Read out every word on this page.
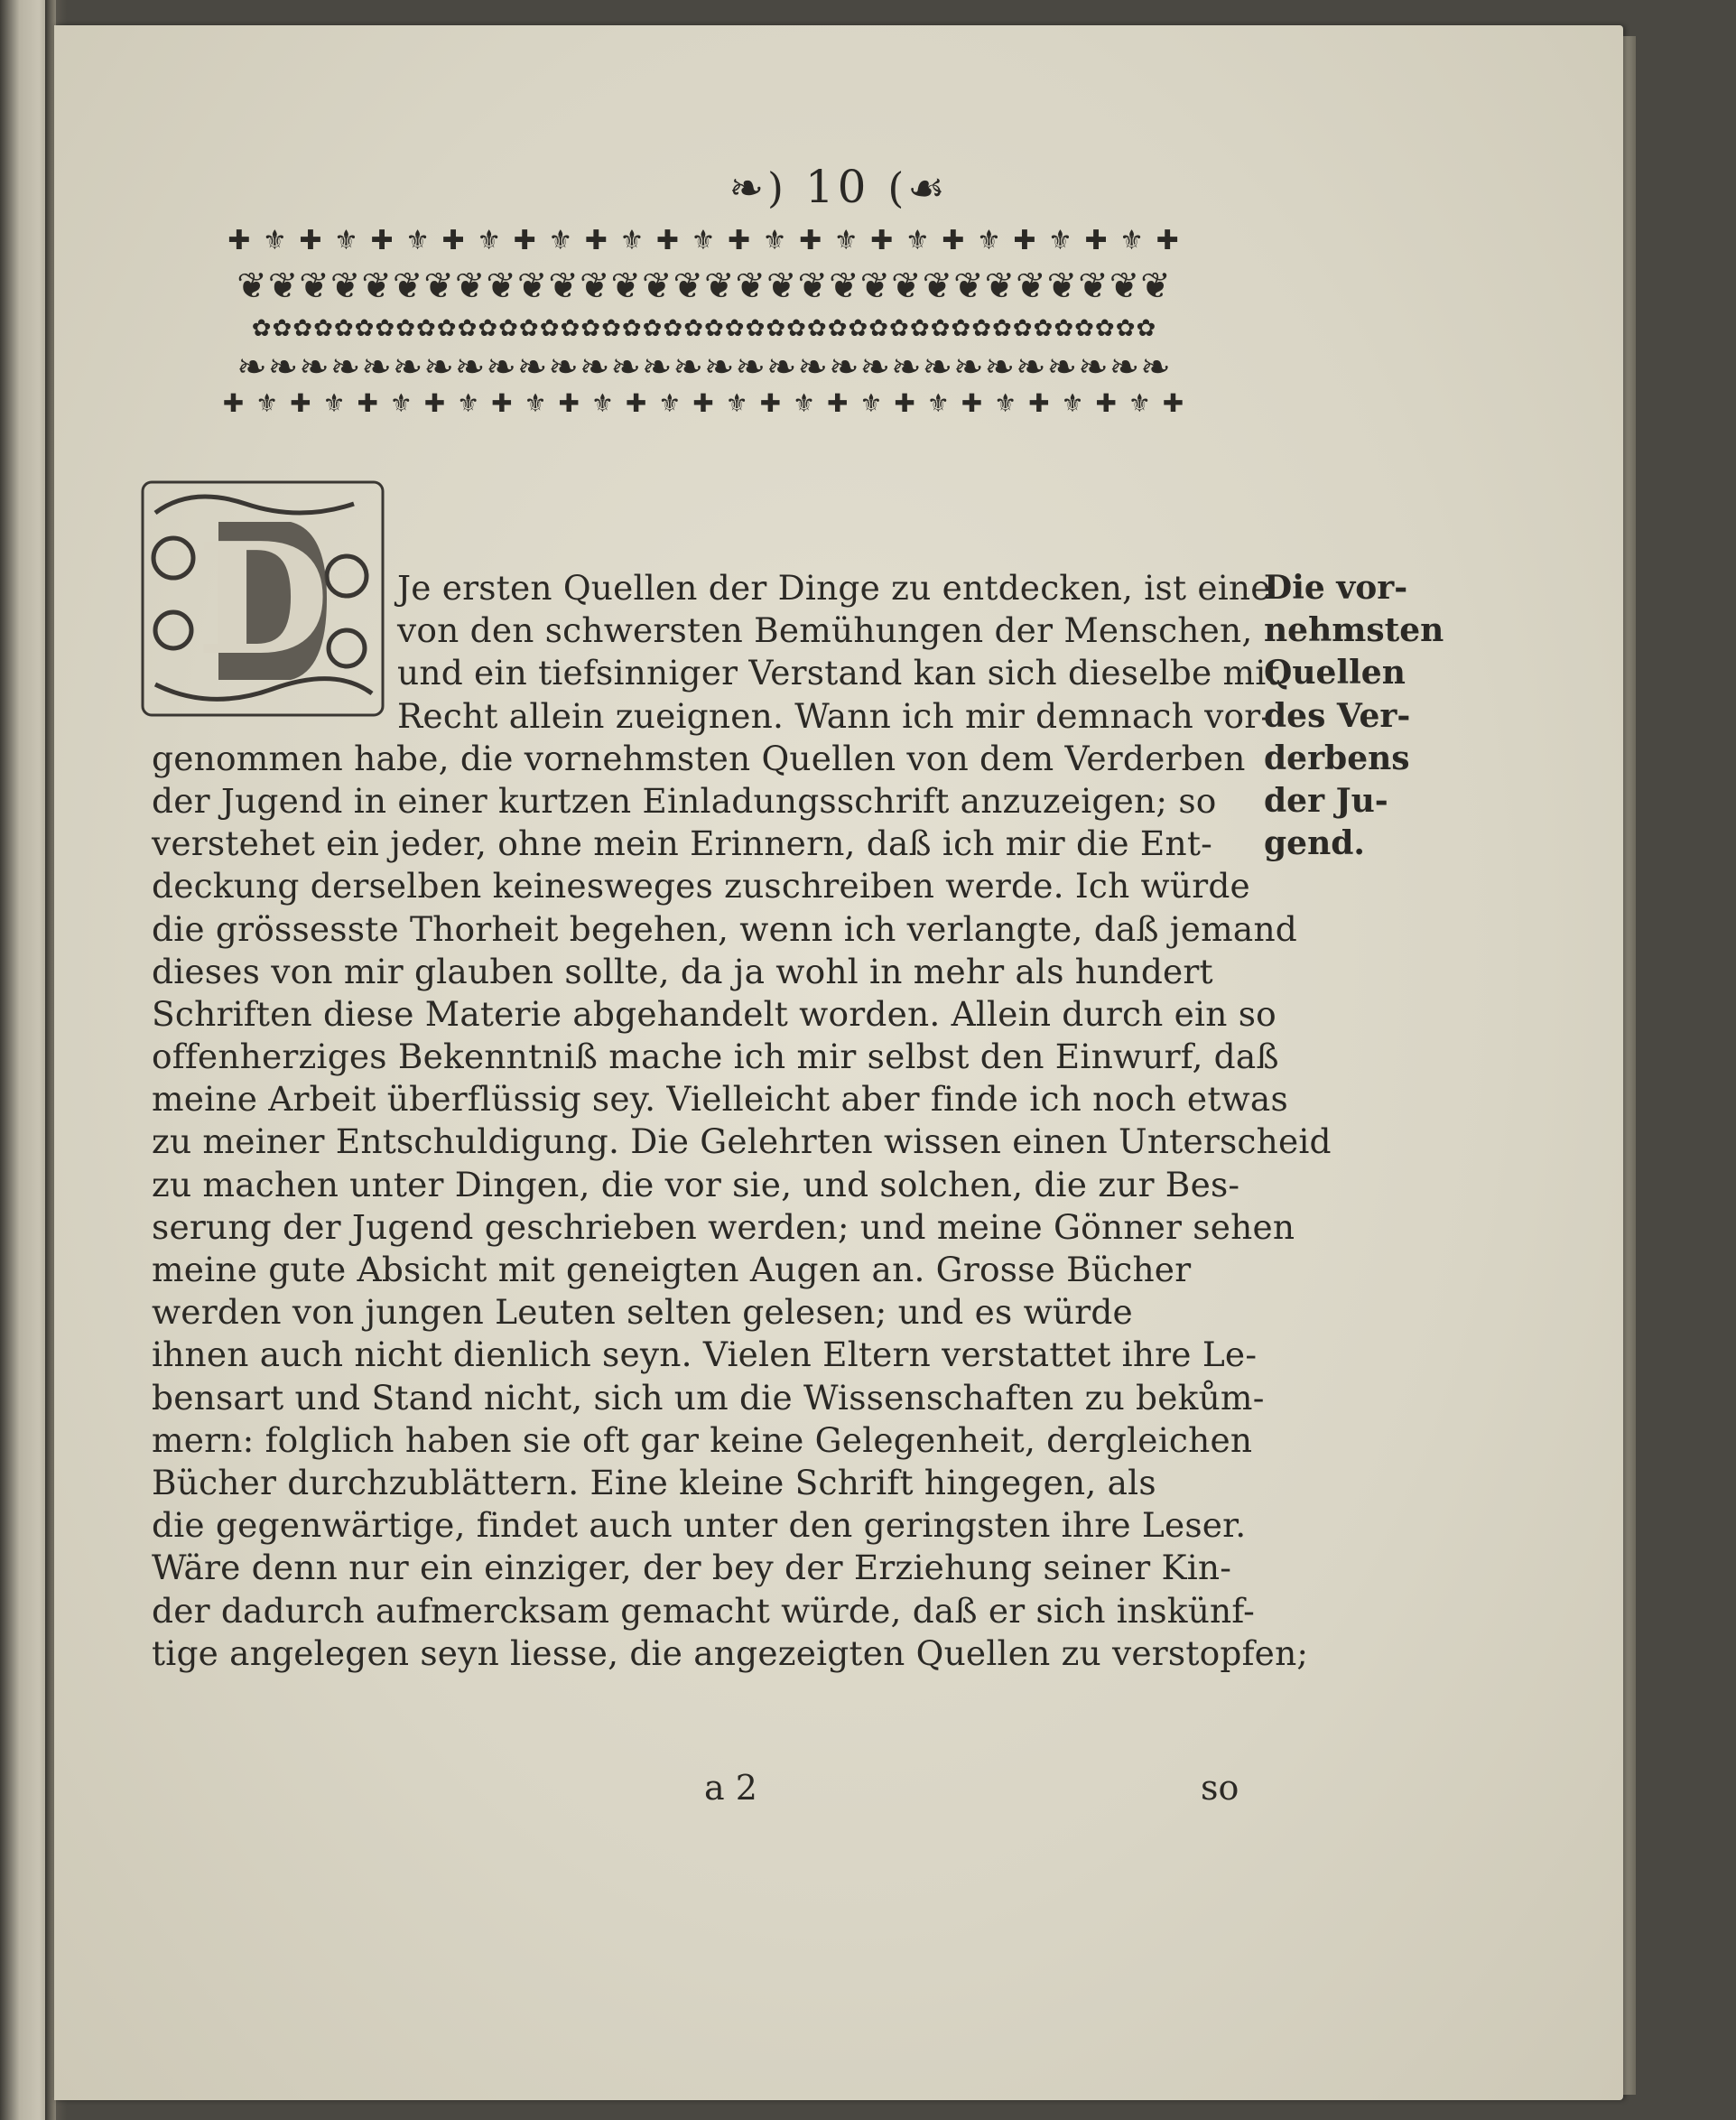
❧) 10 (☙
✚ ⚜ ✚ ⚜ ✚ ⚜ ✚ ⚜ ✚ ⚜ ✚ ⚜ ✚ ⚜ ✚ ⚜ ✚ ⚜ ✚ ⚜ ✚ ⚜ ✚ ⚜ ✚ ⚜ ✚
❦❦❦❦❦❦❦❦❦❦❦❦❦❦❦❦❦❦❦❦❦❦❦❦❦❦❦❦❦❦
✿✿✿✿✿✿✿✿✿✿✿✿✿✿✿✿✿✿✿✿✿✿✿✿✿✿✿✿✿✿✿✿✿✿✿✿✿✿✿✿✿✿✿✿
❧❧❧❧❧❧❧❧❧❧❧❧❧❧❧❧❧❧❧❧❧❧❧❧❧❧❧❧❧❧
✚ ⚜ ✚ ⚜ ✚ ⚜ ✚ ⚜ ✚ ⚜ ✚ ⚜ ✚ ⚜ ✚ ⚜ ✚ ⚜ ✚ ⚜ ✚ ⚜ ✚ ⚜ ✚ ⚜ ✚ ⚜ ✚
D	Je ersten Quellen der Dinge zu entdecken, ist eine
von den schwersten Bemühungen der Menschen,
und ein tiefsinniger Verstand kan sich dieselbe mit
Recht allein zueignen. Wann ich mir demnach vor-
genommen habe, die vornehmsten Quellen von dem Verderben
der Jugend in einer kurtzen Einladungsschrift anzuzeigen; so
verstehet ein jeder, ohne mein Erinnern, daß ich mir die Ent-
deckung derselben keinesweges zuschreiben werde. Ich würde
die grössesste Thorheit begehen, wenn ich verlangte, daß jemand
dieses von mir glauben sollte, da ja wohl in mehr als hundert
Schriften diese Materie abgehandelt worden. Allein durch ein so
offenherziges Bekenntniß mache ich mir selbst den Einwurf, daß
meine Arbeit überflüssig sey. Vielleicht aber finde ich noch etwas
zu meiner Entschuldigung. Die Gelehrten wissen einen Unterscheid
zu machen unter Dingen, die vor sie, und solchen, die zur Bes-
serung der Jugend geschrieben werden; und meine Gönner sehen
meine gute Absicht mit geneigten Augen an. Grosse Bücher
werden von jungen Leuten selten gelesen; und es würde
ihnen auch nicht dienlich seyn. Vielen Eltern verstattet ihre Le-
bensart und Stand nicht, sich um die Wissenschaften zu bekům-
mern: folglich haben sie oft gar keine Gelegenheit, dergleichen
Bücher durchzublättern. Eine kleine Schrift hingegen, als
die gegenwärtige, findet auch unter den geringsten ihre Leser.
Wäre denn nur ein einziger, der bey der Erziehung seiner Kin-
der dadurch aufmercksam gemacht würde, daß er sich inskünf-
tige angelegen seyn liesse, die angezeigten Quellen zu verstopfen;
Die vor-
nehmsten
Quellen
des Ver-
derbens
der Ju-
gend.
a 2	so
